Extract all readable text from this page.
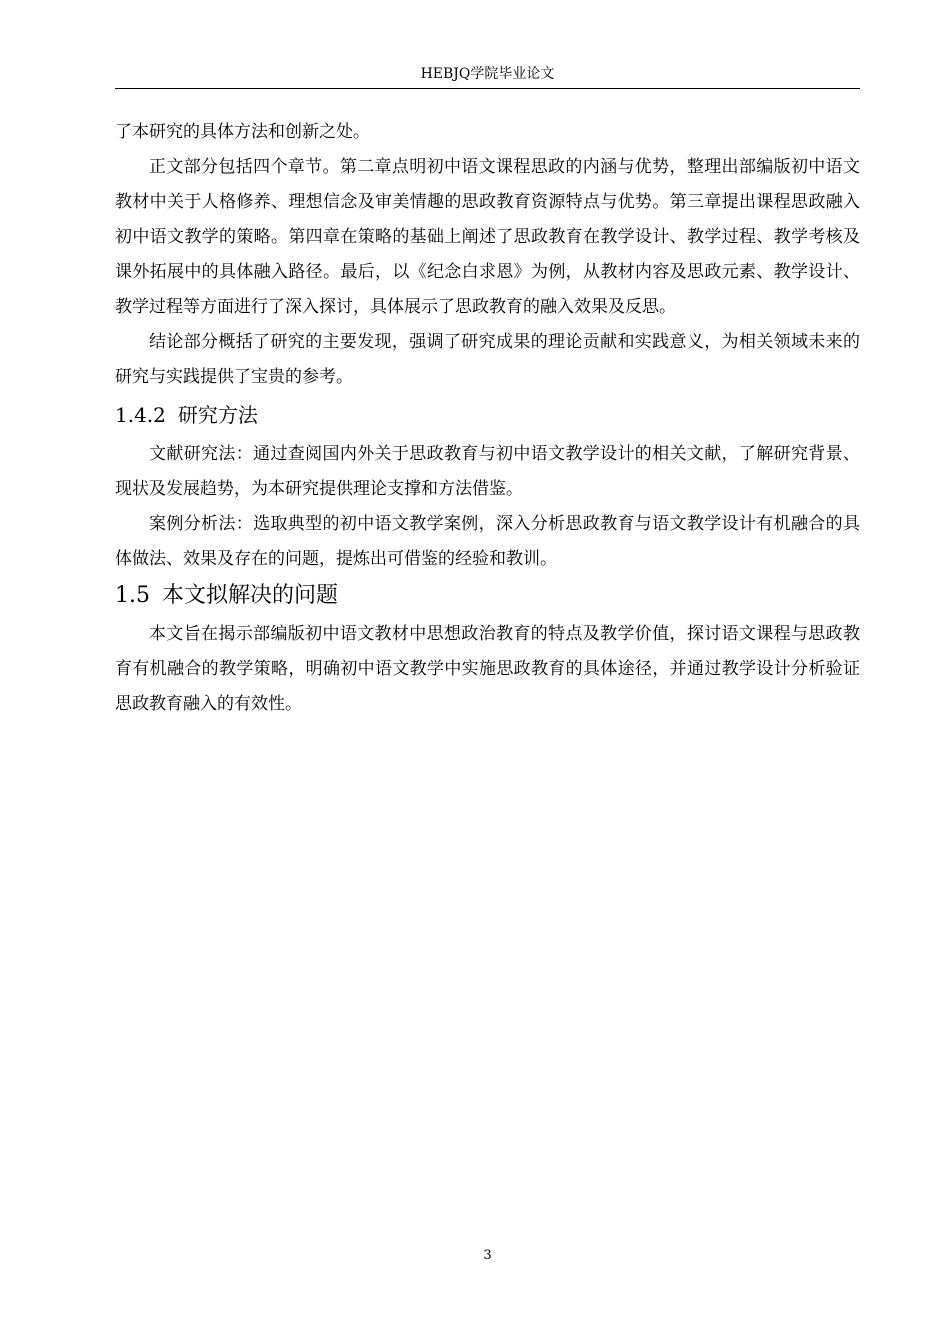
HEBJQ学院毕业论文

了本研究的具体方法和创新之处。

正文部分包括四个章节。第二章点明初中语文课程思政的内涵与优势，整理出部编版初中语文教材中关于人格修养、理想信念及审美情趣的思政教育资源特点与优势。第三章提出课程思政融入初中语文教学的策略。第四章在策略的基础上阐述了思政教育在教学设计、教学过程、教学考核及课外拓展中的具体融入路径。最后，以《纪念白求恩》为例，从教材内容及思政元素、教学设计、教学过程等方面进行了深入探讨，具体展示了思政教育的融入效果及反思。

结论部分概括了研究的主要发现，强调了研究成果的理论贡献和实践意义，为相关领域未来的研究与实践提供了宝贵的参考。

1.4.2 研究方法

文献研究法：通过查阅国内外关于思政教育与初中语文教学设计的相关文献，了解研究背景、现状及发展趋势，为本研究提供理论支撑和方法借鉴。

案例分析法：选取典型的初中语文教学案例，深入分析思政教育与语文教学设计有机融合的具体做法、效果及存在的问题，提炼出可借鉴的经验和教训。

1.5 本文拟解决的问题

本文旨在揭示部编版初中语文教材中思想政治教育的特点及教学价值，探讨语文课程与思政教育有机融合的教学策略，明确初中语文教学中实施思政教育的具体途径，并通过教学设计分析验证思政教育融入的有效性。

3
